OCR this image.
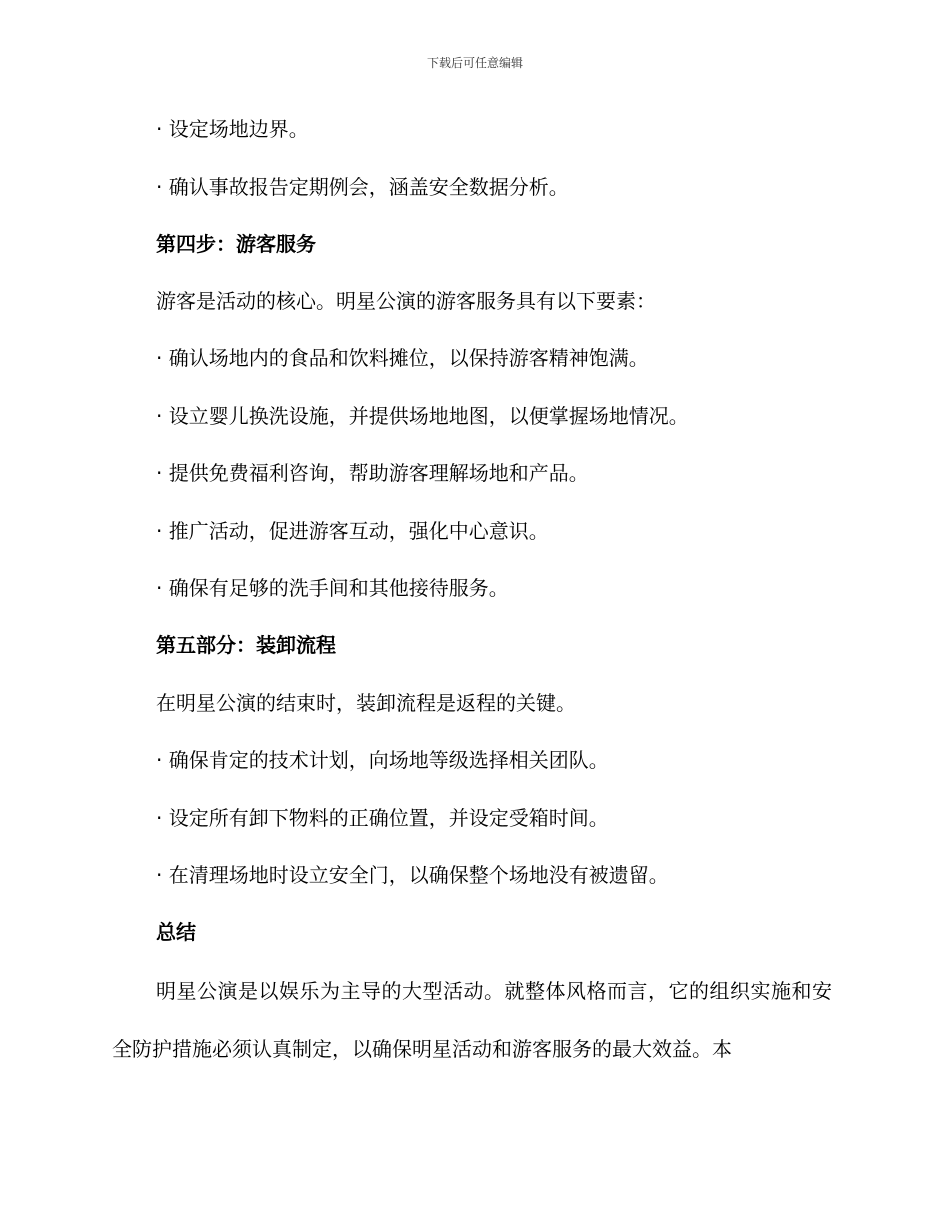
下载后可任意编辑
· 设定场地边界。
· 确认事故报告定期例会，涵盖安全数据分析。
第四步：游客服务
游客是活动的核心。明星公演的游客服务具有以下要素：
· 确认场地内的食品和饮料摊位，以保持游客精神饱满。
· 设立婴儿换洗设施，并提供场地地图，以便掌握场地情况。
· 提供免费福利咨询，帮助游客理解场地和产品。
· 推广活动，促进游客互动，强化中心意识。
· 确保有足够的洗手间和其他接待服务。
第五部分：装卸流程
在明星公演的结束时，装卸流程是返程的关键。
· 确保肯定的技术计划，向场地等级选择相关团队。
· 设定所有卸下物料的正确位置，并设定受箱时间。
· 在清理场地时设立安全门，以确保整个场地没有被遗留。
总结
明星公演是以娱乐为主导的大型活动。就整体风格而言，它的组织实施和安全防护措施必须认真制定，以确保明星活动和游客服务的最大效益。本
